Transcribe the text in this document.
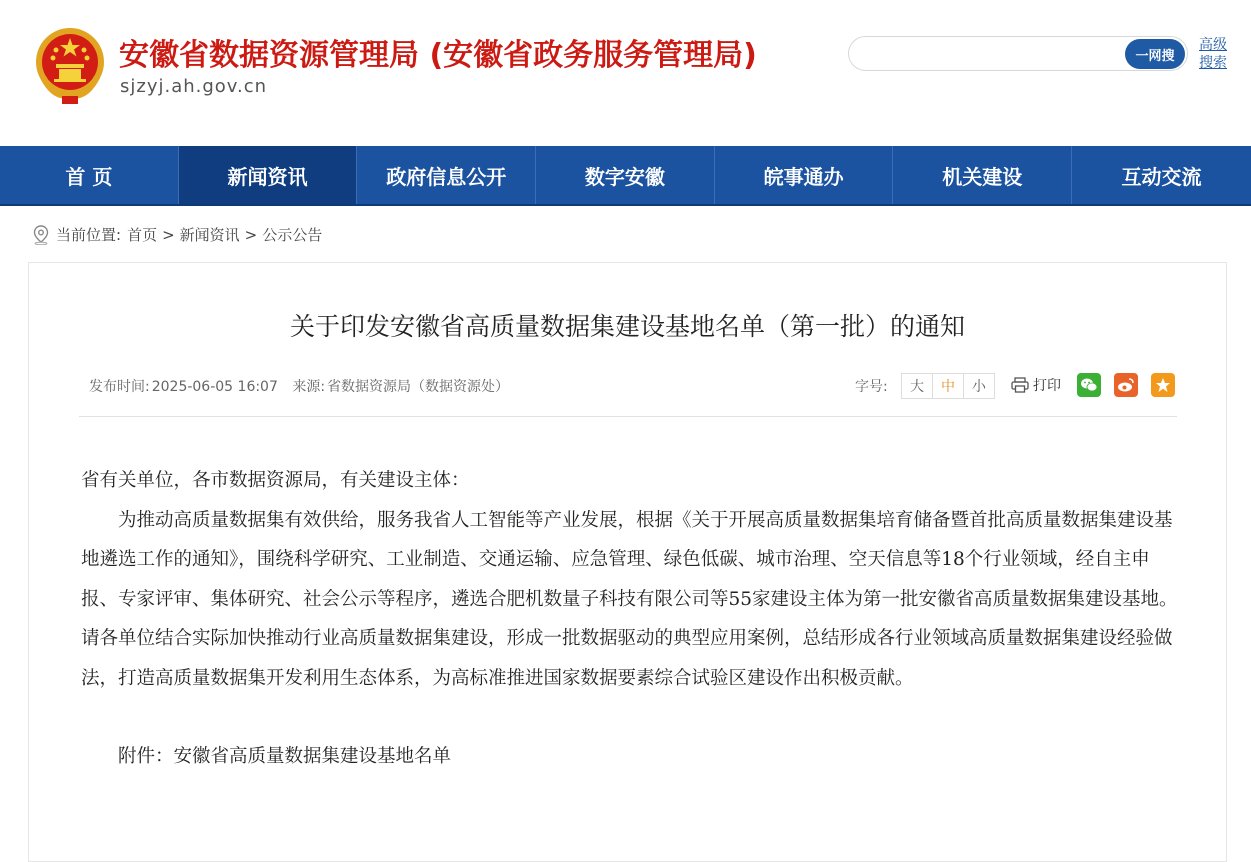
安徽省数据资源管理局 (安徽省政务服务管理局)
sjzyj.ah.gov.cn
一网搜
高级搜索
首 页	新闻资讯	政府信息公开	数字安徽	皖事通办	机关建设	互动交流
当前位置: 首页 > 新闻资讯 > 公示公告
关于印发安徽省高质量数据集建设基地名单（第一批）的通知
发布时间: 2025-06-05 16:07 来源: 省数据资源局（数据资源处）	字号:	大	中	小	打印

省有关单位，各市数据资源局，有关建设主体：

为推动高质量数据集有效供给，服务我省人工智能等产业发展，根据《关于开展高质量数据集培育储备暨首批高质量数据集建设基地遴选工作的通知》，围绕科学研究、工业制造、交通运输、应急管理、绿色低碳、城市治理、空天信息等18个行业领域，经自主申报、专家评审、集体研究、社会公示等程序，遴选合肥机数量子科技有限公司等55家建设主体为第一批安徽省高质量数据集建设基地。请各单位结合实际加快推动行业高质量数据集建设，形成一批数据驱动的典型应用案例，总结形成各行业领域高质量数据集建设经验做法，打造高质量数据集开发利用生态体系，为高标准推进国家数据要素综合试验区建设作出积极贡献。

附件：安徽省高质量数据集建设基地名单
